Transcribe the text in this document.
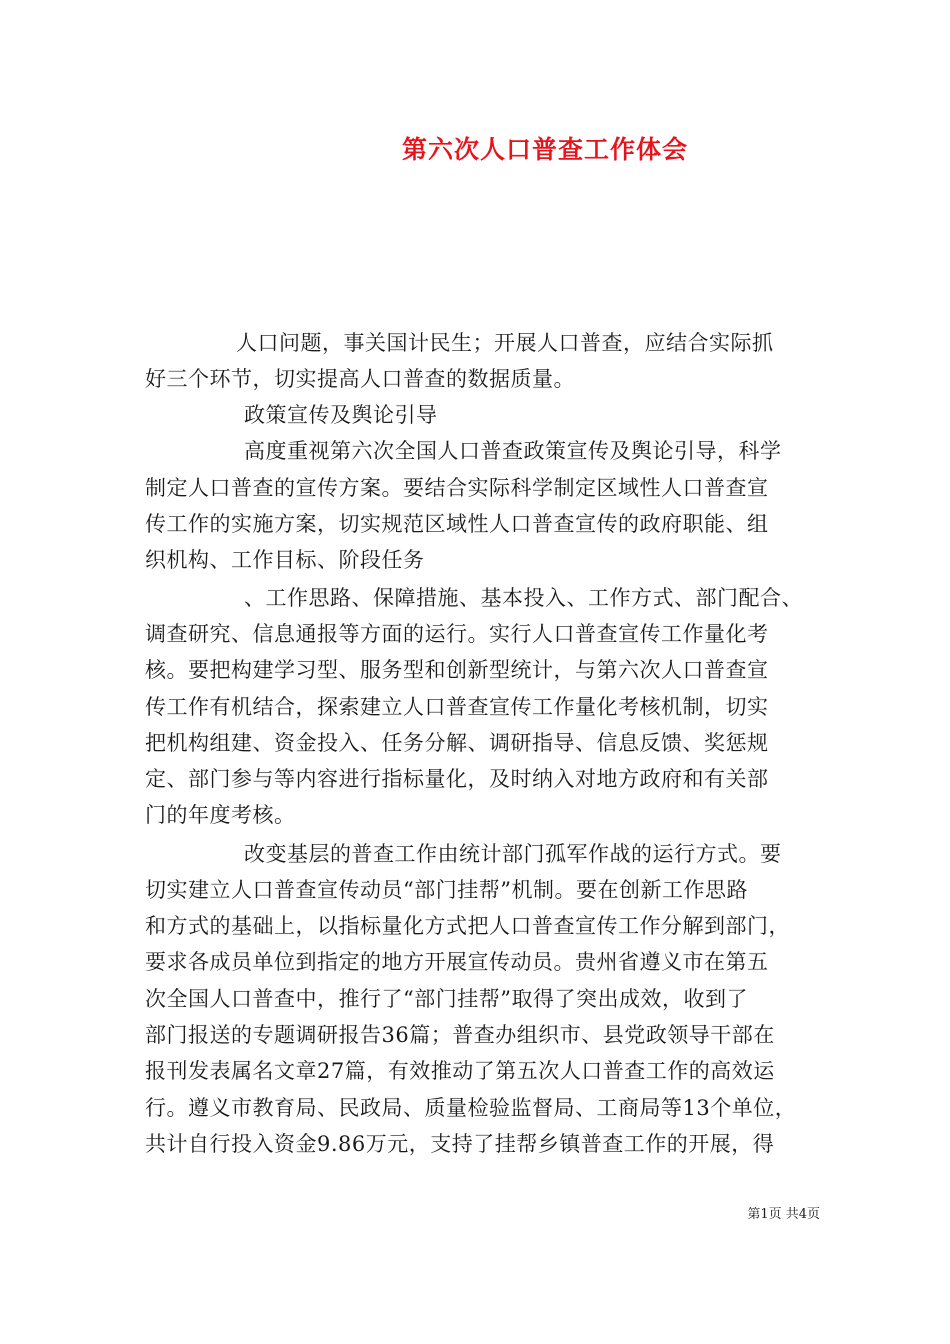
第六次人口普查工作体会
人口问题，事关国计民生；开展人口普查，应结合实际抓
好三个环节，切实提高人口普查的数据质量。
政策宣传及舆论引导
高度重视第六次全国人口普查政策宣传及舆论引导，科学
制定人口普查的宣传方案。要结合实际科学制定区域性人口普查宣
传工作的实施方案，切实规范区域性人口普查宣传的政府职能、组
织机构、工作目标、阶段任务
、工作思路、保障措施、基本投入、工作方式、部门配合、
调查研究、信息通报等方面的运行。实行人口普查宣传工作量化考
核。要把构建学习型、服务型和创新型统计，与第六次人口普查宣
传工作有机结合，探索建立人口普查宣传工作量化考核机制，切实
把机构组建、资金投入、任务分解、调研指导、信息反馈、奖惩规
定、部门参与等内容进行指标量化，及时纳入对地方政府和有关部
门的年度考核。
改变基层的普查工作由统计部门孤军作战的运行方式。要
切实建立人口普查宣传动员“部门挂帮”机制。要在创新工作思路
和方式的基础上，以指标量化方式把人口普查宣传工作分解到部门，
要求各成员单位到指定的地方开展宣传动员。贵州省遵义市在第五
次全国人口普查中，推行了“部门挂帮”取得了突出成效，收到了
部门报送的专题调研报告36篇；普查办组织市、县党政领导干部在
报刊发表属名文章27篇，有效推动了第五次人口普查工作的高效运
行。遵义市教育局、民政局、质量检验监督局、工商局等13个单位，
共计自行投入资金9.86万元，支持了挂帮乡镇普查工作的开展，得
第1页 共4页
